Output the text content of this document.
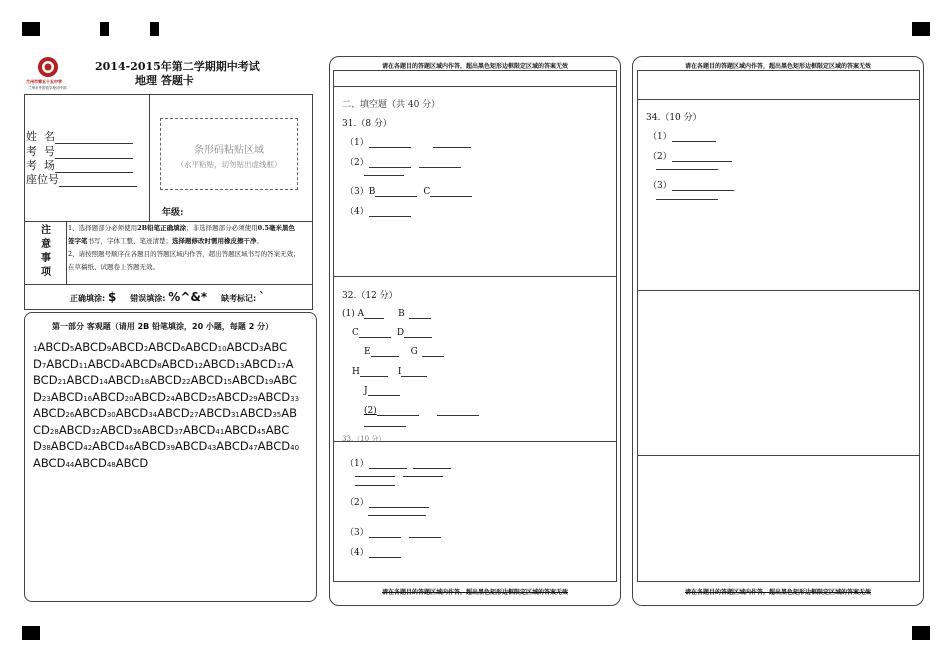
兰州市第五十五中学
兰州市外国语学校初中部
2014-2015年第二学期期中考试
地理 答题卡
姓  名
考  号
考  场
座位号
条形码粘贴区域
（水平粘贴，切勿贴出虚线框）
年级:
注
意
事
项
1、选择题部分必须使用2B铅笔正确填涂；非选择题部分必须使用0.5毫米黑色
签字笔书写，字体工整、笔迹清楚；选择题修改时需用橡皮擦干净。
2、请按照题号顺序在各题目的答题区域内作答，超出答题区域书写的答案无效；
在草稿纸、试题卷上答题无效。
正确填涂: $ 错误填涂: %^&* 缺考标记: `
第一部分 客观题（请用 2B 铅笔填涂，20 小题，每题 2 分）
1ABCD5ABCD9ABCD2ABCD6ABCD10ABCD3ABC
D7ABCD11ABCD4ABCD8ABCD12ABCD13ABCD17A
BCD21ABCD14ABCD18ABCD22ABCD15ABCD19ABC
D23ABCD16ABCD20ABCD24ABCD25ABCD29ABCD33
ABCD26ABCD30ABCD34ABCD27ABCD31ABCD35AB
CD28ABCD32ABCD36ABCD37ABCD41ABCD45ABC
D38ABCD42ABCD46ABCD39ABCD43ABCD47ABCD40
ABCD44ABCD48ABCD
请在各题目的答题区域内作答，超出黑色矩形边框限定区域的答案无效
请在各题目的答题区域内作答，超出黑色矩形边框限定区域的答案无效
二、填空题（共 40 分）
31.（8 分）
（1）
（2）
（3）B	C
（4）
32.（12 分）
(1) A	B
C	D
E	G
H	I
J
(2)
33.（10 分）
（1）
（2）
（3）
（4）
请在各题目的答题区域内作答，超出黑色矩形边框限定区域的答案无效
请在各题目的答题区域内作答，超出黑色矩形边框限定区域的答案无效
34.（10 分）
（1）
（2）
（3）
